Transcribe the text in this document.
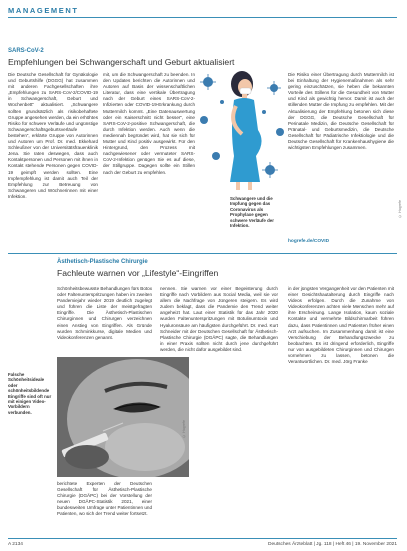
MANAGEMENT
SARS-CoV-2
Empfehlungen bei Schwangerschaft und Geburt aktualisiert
Die Deutsche Gesellschaft für Gynäkologie und Geburtshilfe (DGGG) hat zusammen mit anderen Fachgesellschaften ihre „Empfehlungen zu SARS-CoV-2/COVID-19 in Schwangerschaft, Geburt und Wochenbett“ aktualisiert. „Schwangere sollten grundsätzlich als risikobehaftete Gruppe angesehen werden, da ein erhöhtes Risiko für schwere Verläufe und ungünstige Schwangerschaftsgeburtsverläufe bestehen“, erklärte Gruppe von Autorinnen und Autoren um Prof. Dr. med. Ekkehard Schleußner von der Universitätsfrauenklinik Jena. Sie raten deswegen, dass auch Kontaktpersonen und Personen mit ihnen in Kontakt stehende Personen gegen COVID-19 geimpft werden sollten. Eine Impfempfehlung ist damit auch Teil der Empfehlung zur Betreuung von Schwangeren und Wöchnerinnen mit einer Infektion.
mit, um die Schwangerschaft zu beenden. In den Updates berichten die Autorinnen und Autoren auf Basis der wissenschaftlichen Literatur, dass eine vertikale Übertragung nach der Geburt eines SARS-CoV-2-Infizierten oder COVID-19-Erkrankung durch Muttermilch kommt. „Eine Datenauswertung oder ein Kaiserschnitt nicht besser“, eine SARS-CoV-2-positive Schwangerschaft, die durch Infektion werden. Auch wenn die mediennah begründet wird, hat sie sich für Mutter und Kind positiv ausgewirkt. Für den Hintergrund, den Prozess mit nachgewiesener oder vermuteter SARS-CoV-2-Infektion genügen Sie es auf diese, der Stillgruppe. Dagegen sollte ein Stillen nach der Geburt zu empfehlen.
Schwangere und die Impfung gegen das Coronavirus als Prophylaxe gegen schwere Verläufe der Infektion.
Die Risiko einer Übertragung durch Muttermilch ist bei Einhaltung der Hygienemaßnahmen als sehr gering einzuschätzen, sie heben die bekannten Vorteile des Stillens für die Gesundheit von Mutter und Kind als gewichtig hervor. Damit ist auch der stillenden Mutter die Impfung zu empfehlen. Mit der Aktualisierung der Empfehlung betonen sich diese der DGGG, die Deutsche Gesellschaft für Perinatale Medizin, die Deutsche Gesellschaft für Pränatal- und Geburtsmedizin, die Deutsche Gesellschaft für Pädiatrische Infektiologie und die Deutsche Gesellschaft für Krankenhaushygiene die wichtigsten Empfehlungen zusammen.
hogrefe.de/COVID
© Hogrefe
Ästhetisch-Plastische Chirurgie
Fachleute warnen vor „Lifestyle“-Eingriffen
Schönheitsbewusste Behandlungen fürs Botox oder Faltenunterspritzungen haben im zweiten Pandemiejahr wieder 2019 deutlich zugelegt und führen die Liste der meistgefragten Eingriffe. Die Ästhetisch-Plastischen Chirurginnen und Chirurgen verzeichnen einen Anstieg von Eingriffen. Als Gründe wurden Schminkkurse, digitale Medien und Videokonferenzen genannt.
© Hogrefe
Falsche Schönheitsideale oder schönheitsbildende Eingriffe sind oft nur mit einigen Video-Vorbildern verbunden.
berichtete Experten der Deutschen Gesellschaft für Ästhetisch-Plastische Chirurgie (DGÄPC) bei der Vorstellung der neuen DGÄPC-Statistik 2021, einer bundesweiten Umfrage unter Patientinnen und Patienten, wo sich der Trend weiter fortsetzt.
nennen. Sie warnen vor einer Begeisterung durch Eingriffe nach Vorbildern aus Social Media, weil sie vor allem die Nachfrage von Jüngeren steigern. Es wird zudem beklagt, dass die Pandemie den Trend weiter angeheizt hat. Laut einer Statistik für das Jahr 2020 wurden Faltenunterspritzungen mit Botulinumtoxin und Hyaluronsäure am häufigsten durchgeführt. Dr. med. Kurt Schneider mit der Deutschen Gesellschaft für Ästhetisch-Plastische Chirurgie (DGÄPC) sagte, die Behandlungen in einer Praxis sollten nicht durch jene durchgeführt werden, die nicht dafür ausgebildet sind.
in der jüngsten Vergangenheit vor den Patienten mit einer Gesichtshautalterung durch Eingriffe nach Videos erfolgen. Durch die Zunahme von Videokonferenzen achten viele Menschen mehr auf ihre Erscheinung. Lange Isolation, kaum soziale Kontakte und vermehrte Bildschirmarbeit führen dazu, dass Patientinnen und Patienten früher einen Arzt aufsuchen. Im Zusammenhang damit ist eine Verschiebung der Behandlungszwecke zu beobachten. Es ist dringend erforderlich, Eingriffe nur von ausgebildeten Chirurginnen und Chirurgen vornehmen zu lassen, betonen die Verantwortlichen. Dr. med. Jörg Franke
A 2134	Deutsches Ärzteblatt | Jg. 118 | Heft 46 | 19. November 2021
